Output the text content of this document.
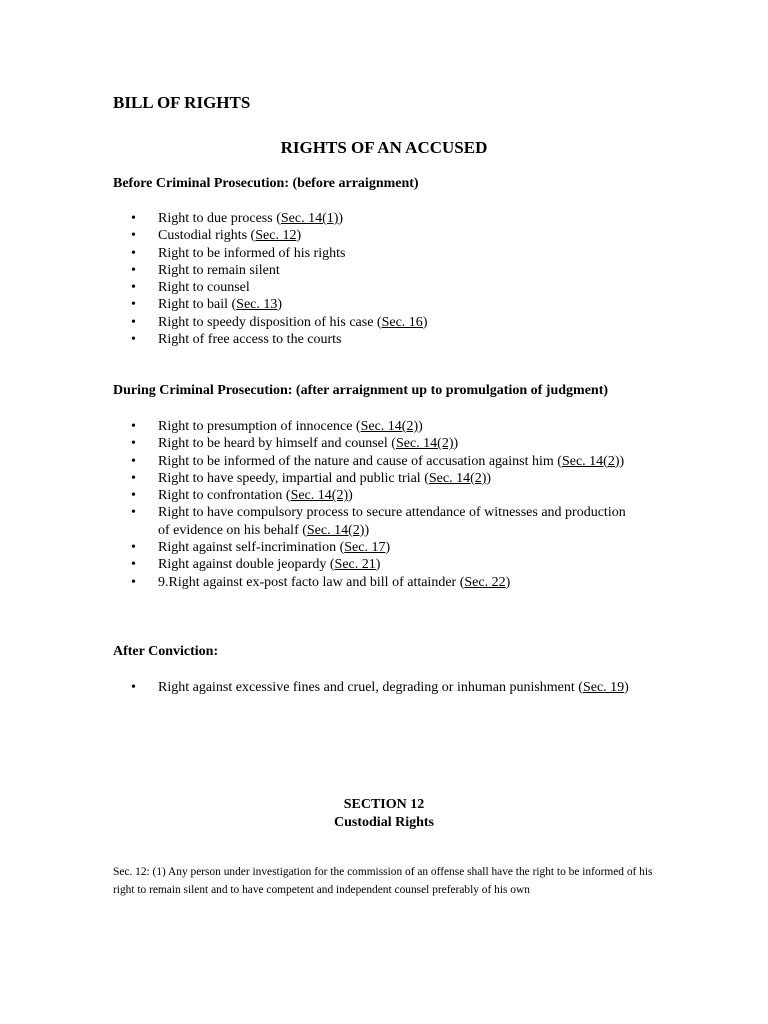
BILL OF RIGHTS
RIGHTS OF AN ACCUSED
Before Criminal Prosecution: (before arraignment)
• Right to due process (Sec. 14(1))
• Custodial rights (Sec. 12)
• Right to be informed of his rights
• Right to remain silent
• Right to counsel
• Right to bail (Sec. 13)
• Right to speedy disposition of his case (Sec. 16)
• Right of free access to the courts
During Criminal Prosecution: (after arraignment up to promulgation of judgment)
• Right to presumption of innocence (Sec. 14(2))
• Right to be heard by himself and counsel (Sec. 14(2))
• Right to be informed of the nature and cause of accusation against him (Sec. 14(2))
• Right to have speedy, impartial and public trial (Sec. 14(2))
• Right to confrontation (Sec. 14(2))
• Right to have compulsory process to secure attendance of witnesses and production of evidence on his behalf (Sec. 14(2))
• Right against self-incrimination (Sec. 17)
• Right against double jeopardy (Sec. 21)
• 9.Right against ex-post facto law and bill of attainder (Sec. 22)
After Conviction:
• Right against excessive fines and cruel, degrading or inhuman punishment (Sec. 19)
SECTION 12
Custodial Rights
Sec. 12: (1) Any person under investigation for the commission of an offense shall have the right to be informed of his right to remain silent and to have competent and independent counsel preferably of his own
